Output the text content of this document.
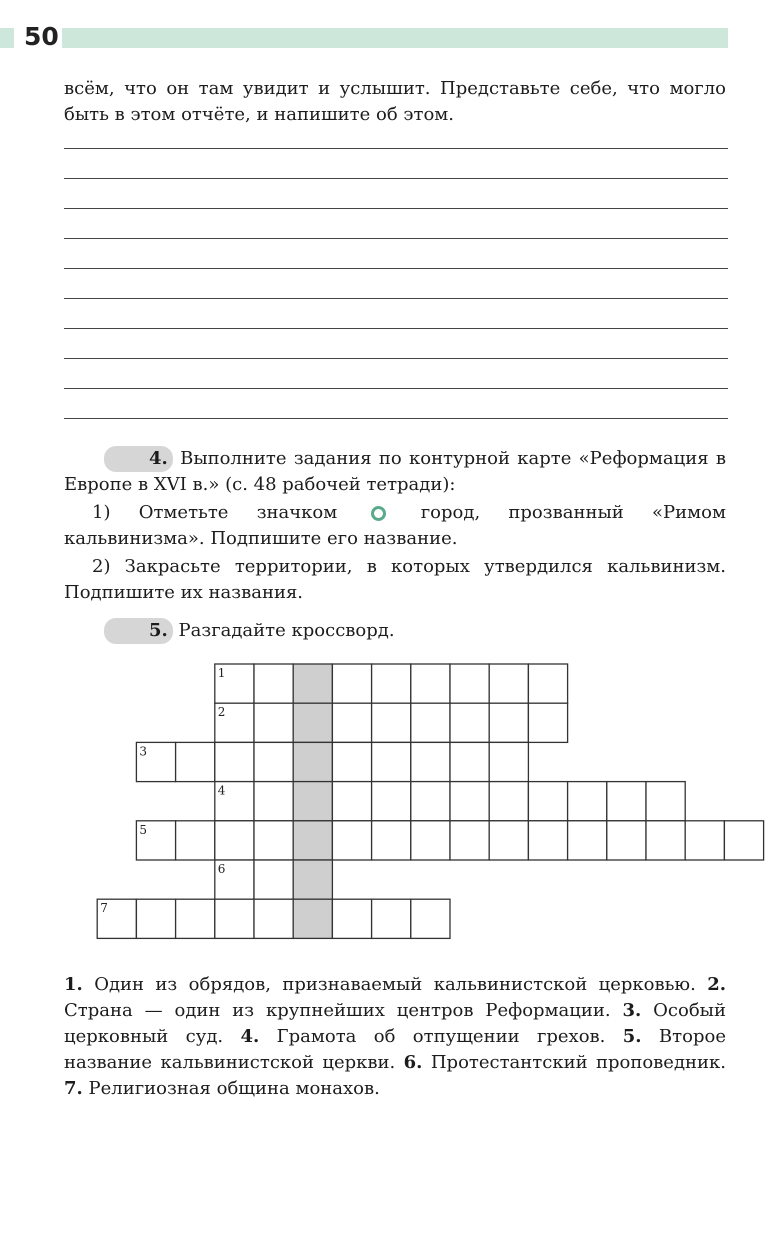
50

всём, что он там увидит и услышит. Представьте себе, что могло быть в этом отчёте, и напишите об этом.

4. Выполните задания по контурной карте «Реформация в Европе в XVI в.» (с. 48 рабочей тетради):

1) Отметьте значком	город, прозванный «Римом кальвинизма». Подпишите его название.

2) Закрасьте территории, в которых утвердился кальвинизм. Подпишите их названия.

5. Разгадайте кроссворд.

1
2
3
4
5
6
7

1. Один из обрядов, признаваемый кальвинистской церковью. 2. Страна — один из крупнейших центров Реформации. 3. Особый церковный суд. 4. Грамота об отпущении грехов. 5. Второе название кальвинистской церкви. 6. Протестантский проповедник. 7. Религиозная община монахов.
